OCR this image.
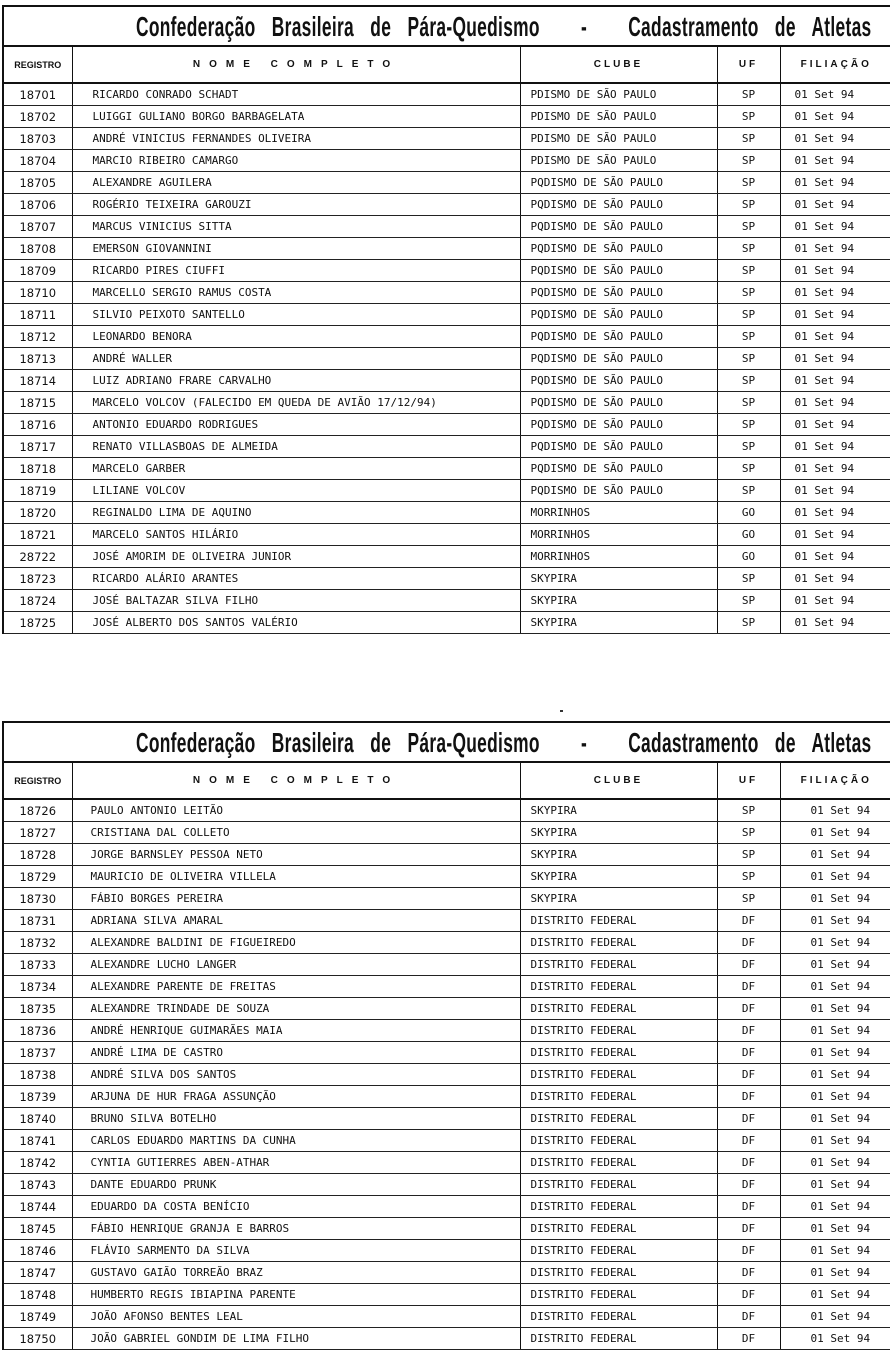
Confederação Brasileira de Pára-Quedismo - Cadastramento de Atletas
REGISTRO	NOME COMPLETO	CLUBE	UF	FILIAÇÃO
18701	RICARDO CONRADO SCHADT	PDISMO DE SÃO PAULO	SP	01 Set 94
18702	LUIGGI GULIANO BORGO BARBAGELATA	PDISMO DE SÃO PAULO	SP	01 Set 94
18703	ANDRÉ VINICIUS FERNANDES OLIVEIRA	PDISMO DE SÃO PAULO	SP	01 Set 94
18704	MARCIO RIBEIRO CAMARGO	PDISMO DE SÃO PAULO	SP	01 Set 94
18705	ALEXANDRE AGUILERA	PQDISMO DE SÃO PAULO	SP	01 Set 94
18706	ROGÉRIO TEIXEIRA GAROUZI	PQDISMO DE SÃO PAULO	SP	01 Set 94
18707	MARCUS VINICIUS SITTA	PQDISMO DE SÃO PAULO	SP	01 Set 94
18708	EMERSON GIOVANNINI	PQDISMO DE SÃO PAULO	SP	01 Set 94
18709	RICARDO PIRES CIUFFI	PQDISMO DE SÃO PAULO	SP	01 Set 94
18710	MARCELLO SERGIO RAMUS COSTA	PQDISMO DE SÃO PAULO	SP	01 Set 94
18711	SILVIO PEIXOTO SANTELLO	PQDISMO DE SÃO PAULO	SP	01 Set 94
18712	LEONARDO BENORA	PQDISMO DE SÃO PAULO	SP	01 Set 94
18713	ANDRÉ WALLER	PQDISMO DE SÃO PAULO	SP	01 Set 94
18714	LUIZ ADRIANO FRARE CARVALHO	PQDISMO DE SÃO PAULO	SP	01 Set 94
18715	MARCELO VOLCOV (FALECIDO EM QUEDA DE AVIÃO 17/12/94)	PQDISMO DE SÃO PAULO	SP	01 Set 94
18716	ANTONIO EDUARDO RODRIGUES	PQDISMO DE SÃO PAULO	SP	01 Set 94
18717	RENATO VILLASBOAS DE ALMEIDA	PQDISMO DE SÃO PAULO	SP	01 Set 94
18718	MARCELO GARBER	PQDISMO DE SÃO PAULO	SP	01 Set 94
18719	LILIANE VOLCOV	PQDISMO DE SÃO PAULO	SP	01 Set 94
18720	REGINALDO LIMA DE AQUINO	MORRINHOS	GO	01 Set 94
18721	MARCELO SANTOS HILÁRIO	MORRINHOS	GO	01 Set 94
28722	JOSÉ AMORIM DE OLIVEIRA JUNIOR	MORRINHOS	GO	01 Set 94
18723	RICARDO ALÁRIO ARANTES	SKYPIRA	SP	01 Set 94
18724	JOSÉ BALTAZAR SILVA FILHO	SKYPIRA	SP	01 Set 94
18725	JOSÉ ALBERTO DOS SANTOS VALÉRIO	SKYPIRA	SP	01 Set 94
Confederação Brasileira de Pára-Quedismo - Cadastramento de Atletas
REGISTRO	NOME COMPLETO	CLUBE	UF	FILIAÇÃO
18726	PAULO ANTONIO LEITÃO	SKYPIRA	SP	01 Set 94
18727	CRISTIANA DAL COLLETO	SKYPIRA	SP	01 Set 94
18728	JORGE BARNSLEY PESSOA NETO	SKYPIRA	SP	01 Set 94
18729	MAURICIO DE OLIVEIRA VILLELA	SKYPIRA	SP	01 Set 94
18730	FÁBIO BORGES PEREIRA	SKYPIRA	SP	01 Set 94
18731	ADRIANA SILVA AMARAL	DISTRITO FEDERAL	DF	01 Set 94
18732	ALEXANDRE BALDINI DE FIGUEIREDO	DISTRITO FEDERAL	DF	01 Set 94
18733	ALEXANDRE LUCHO LANGER	DISTRITO FEDERAL	DF	01 Set 94
18734	ALEXANDRE PARENTE DE FREITAS	DISTRITO FEDERAL	DF	01 Set 94
18735	ALEXANDRE TRINDADE DE SOUZA	DISTRITO FEDERAL	DF	01 Set 94
18736	ANDRÉ HENRIQUE GUIMARÃES MAIA	DISTRITO FEDERAL	DF	01 Set 94
18737	ANDRÉ LIMA DE CASTRO	DISTRITO FEDERAL	DF	01 Set 94
18738	ANDRÉ SILVA DOS SANTOS	DISTRITO FEDERAL	DF	01 Set 94
18739	ARJUNA DE HUR FRAGA ASSUNÇÃO	DISTRITO FEDERAL	DF	01 Set 94
18740	BRUNO SILVA BOTELHO	DISTRITO FEDERAL	DF	01 Set 94
18741	CARLOS EDUARDO MARTINS DA CUNHA	DISTRITO FEDERAL	DF	01 Set 94
18742	CYNTIA GUTIERRES ABEN-ATHAR	DISTRITO FEDERAL	DF	01 Set 94
18743	DANTE EDUARDO PRUNK	DISTRITO FEDERAL	DF	01 Set 94
18744	EDUARDO DA COSTA BENÍCIO	DISTRITO FEDERAL	DF	01 Set 94
18745	FÁBIO HENRIQUE GRANJA E BARROS	DISTRITO FEDERAL	DF	01 Set 94
18746	FLÁVIO SARMENTO DA SILVA	DISTRITO FEDERAL	DF	01 Set 94
18747	GUSTAVO GAIÃO TORREÃO BRAZ	DISTRITO FEDERAL	DF	01 Set 94
18748	HUMBERTO REGIS IBIAPINA PARENTE	DISTRITO FEDERAL	DF	01 Set 94
18749	JOÃO AFONSO BENTES LEAL	DISTRITO FEDERAL	DF	01 Set 94
18750	JOÃO GABRIEL GONDIM DE LIMA FILHO	DISTRITO FEDERAL	DF	01 Set 94
